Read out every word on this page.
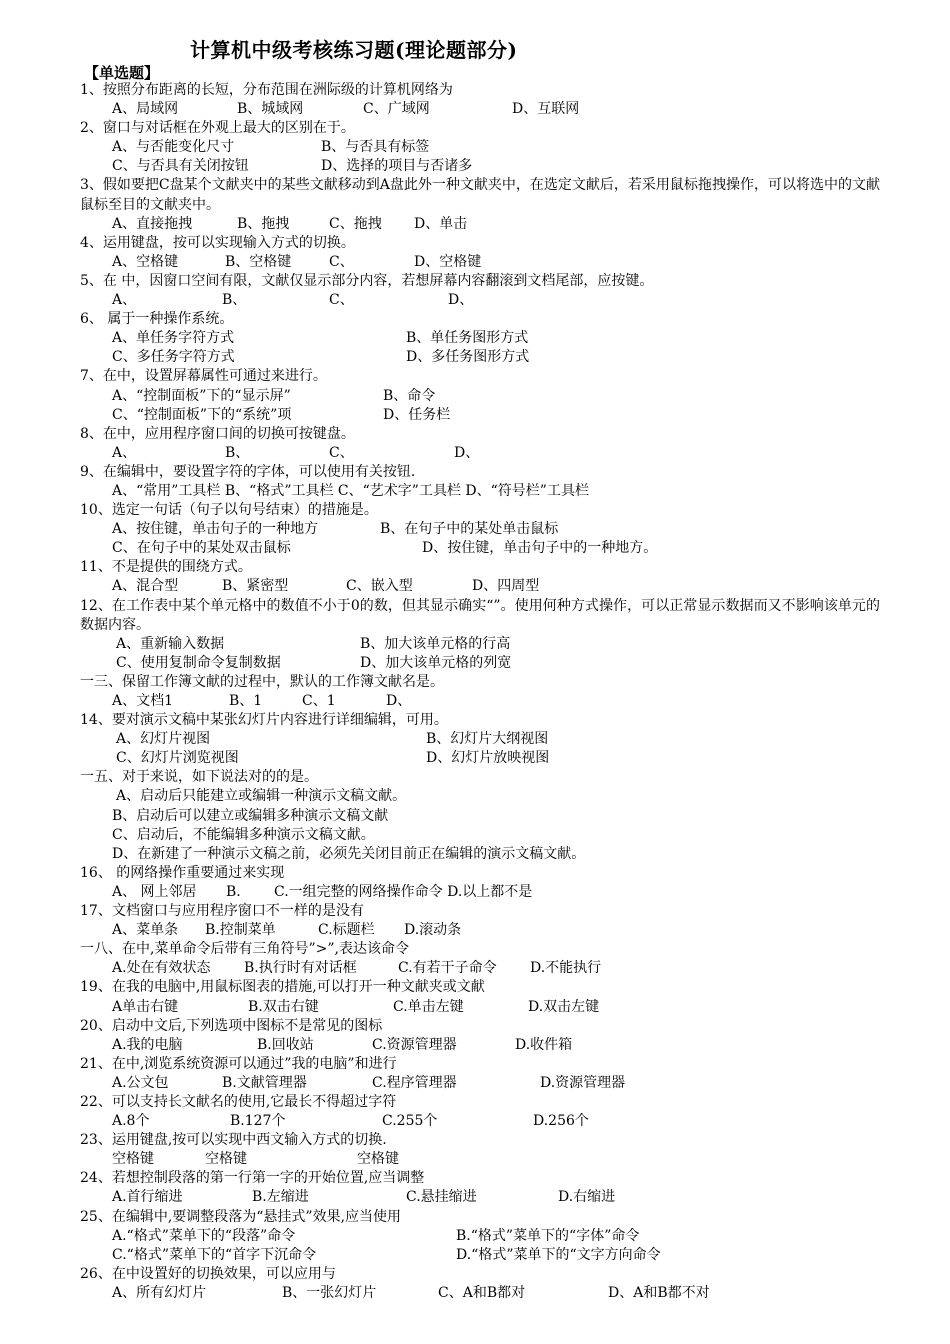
计算机中级考核练习题(理论题部分)
【单选题】

1、按照分布距离的长短，分布范围在洲际级的计算机网络为

A、局域网	B、城域网	C、广域网	D、互联网

2、窗口与对话框在外观上最大的区别在于。

A、与否能变化尺寸	B、与否具有标签
C、与否具有关闭按钮	D、选择的项目与否诸多

3、假如要把C盘某个文献夹中的某些文献移动到A盘此外一种文献夹中，在选定文献后，若采用鼠标拖拽操作，可以将选中的文献鼠标至目的文献夹中。

A、直接拖拽	B、拖拽	C、拖拽 D、单击

4、运用键盘，按可以实现输入方式的切换。

A、空格键	B、空格键	C、	D、空格键

5、在 中，因窗口空间有限，文献仅显示部分内容，若想屏幕内容翻滚到文档尾部，应按键。

A、	B、	C、	D、

6、 属于一种操作系统。

A、单任务字符方式	B、单任务图形方式
C、多任务字符方式	D、多任务图形方式

7、在中，设置屏幕属性可通过来进行。

A、“控制面板”下的“显示屏”	B、命令
C、“控制面板”下的“系统”项	D、任务栏

8、在中，应用程序窗口间的切换可按键盘。

A、	B、	C、	D、

9、在编辑中，要设置字符的字体，可以使用有关按钮.

A、“常用”工具栏 B、“格式”工具栏 C、“艺术字”工具栏 D、“符号栏”工具栏

10、选定一句话（句子以句号结束）的措施是。

A、按住键，单击句子的一种地方	B、在句子中的某处单击鼠标
C、在句子中的某处双击鼠标	D、按住键，单击句子中的一种地方。

11、不是提供的围绕方式。

A、混合型	B、紧密型	C、嵌入型	D、四周型

12、在工作表中某个单元格中的数值不小于0的数，但其显示确实“”。使用何种方式操作，可以正常显示数据而又不影响该单元的数据内容。

A、重新输入数据	B、加大该单元格的行高
C、使用复制命令复制数据	D、加大该单元格的列宽

一三、保留工作簿文献的过程中，默认的工作簿文献名是。

A、文档1	B、1	C、1	D、

14、要对演示文稿中某张幻灯片内容进行详细编辑，可用。

A、幻灯片视图	B、幻灯片大纲视图
C、幻灯片浏览视图	D、幻灯片放映视图

一五、对于来说，如下说法对的的是。

A、启动后只能建立或编辑一种演示文稿文献。
B、启动后可以建立或编辑多种演示文稿文献
C、启动后，不能编辑多种演示文稿文献。
D、在新建了一种演示文稿之前，必须先关闭目前正在编辑的演示文稿文献。

16、 的网络操作重要通过来实现

A、 网上邻居 B. C.一组完整的网络操作命令 D.以上都不是

17、文档窗口与应用程序窗口不一样的是没有

A、菜单条 B.控制菜单	C.标题栏 D.滚动条

一八、在中,菜单命令后带有三角符号”>”,表达该命令

A.处在有效状态 B.执行时有对话框	C.有若干子命令 D.不能执行

19、在我的电脑中,用鼠标图表的措施,可以打开一种文献夹或文献

A单击右键	B.双击右键	C.单击左键	D.双击左键

20、启动中文后,下列选项中图标不是常见的图标

A.我的电脑	B.回收站	C.资源管理器	D.收件箱

21、在中,浏览系统资源可以通过”我的电脑”和进行

A.公文包	B.文献管理器	C.程序管理器	D.资源管理器

22、可以支持长文献名的使用,它最长不得超过字符

A.8个	B.127个	C.255个	D.256个

23、运用键盘,按可以实现中西文输入方式的切换.

空格键	空格键	空格键

24、若想控制段落的第一行第一字的开始位置,应当调整

A.首行缩进	B.左缩进	C.悬挂缩进	D.右缩进

25、在编辑中,要调整段落为“悬挂式”效果,应当使用

A.“格式”菜单下的“段落”命令	B.“格式”菜单下的“字体”命令
C.“格式”菜单下的“首字下沉命令	D.“格式”菜单下的“文字方向命令

26、在中设置好的切换效果，可以应用与

A、所有幻灯片	B、一张幻灯片	C、A和B都对	D、A和B都不对
